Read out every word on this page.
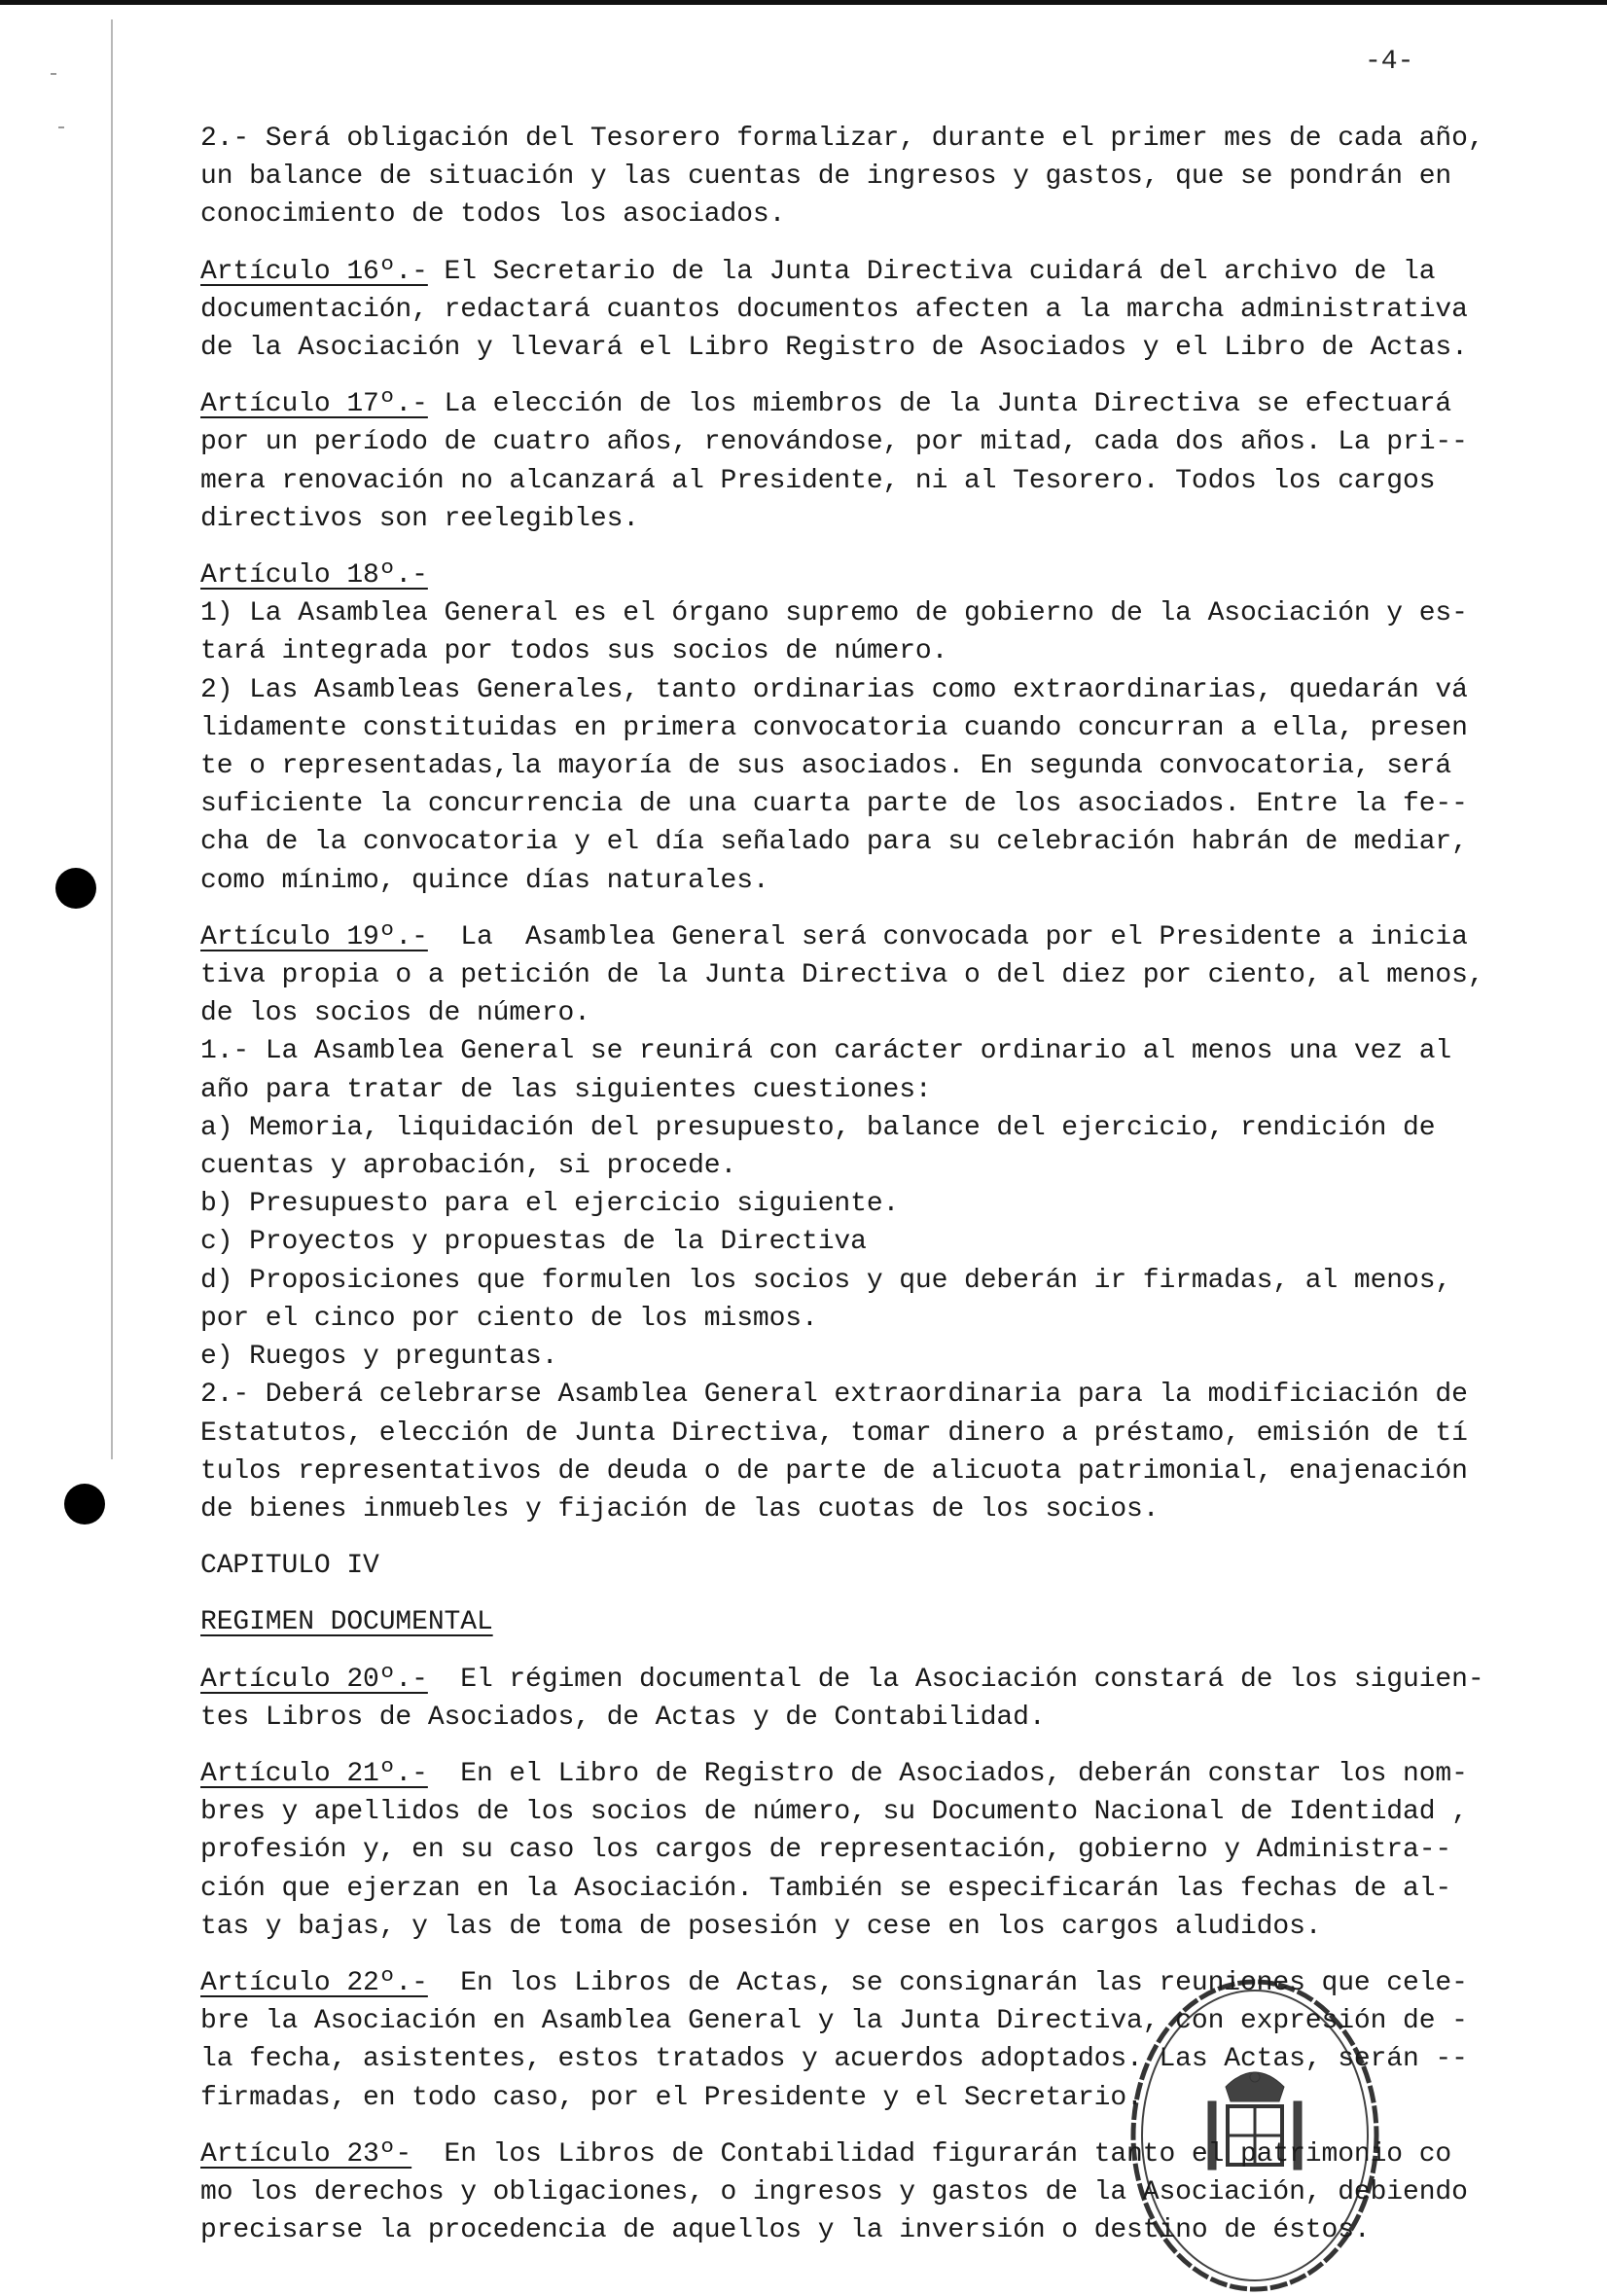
-4-
2.- Será obligación del Tesorero formalizar, durante el primer mes de cada año,
un balance de situación y las cuentas de ingresos y gastos, que se pondrán en
conocimiento de todos los asociados.
Artículo 16º.- El Secretario de la Junta Directiva cuidará del archivo de la
documentación, redactará cuantos documentos afecten a la marcha administrativa
de la Asociación y llevará el Libro Registro de Asociados y el Libro de Actas.
Artículo 17º.- La elección de los miembros de la Junta Directiva se efectuará
por un período de cuatro años, renovándose, por mitad, cada dos años. La pri--
mera renovación no alcanzará al Presidente, ni al Tesorero. Todos los cargos
directivos son reelegibles.
Artículo 18º.-
1) La Asamblea General es el órgano supremo de gobierno de la Asociación y es-
tará integrada por todos sus socios de número.
2) Las Asambleas Generales, tanto ordinarias como extraordinarias, quedarán vá
lidamente constituidas en primera convocatoria cuando concurran a ella, presen
te o representadas,la mayoría de sus asociados. En segunda convocatoria, será
suficiente la concurrencia de una cuarta parte de los asociados. Entre la fe--
cha de la convocatoria y el día señalado para su celebración habrán de mediar,
como mínimo, quince días naturales.
Artículo 19º.-  La  Asamblea General será convocada por el Presidente a inicia
tiva propia o a petición de la Junta Directiva o del diez por ciento, al menos,
de los socios de número.
1.- La Asamblea General se reunirá con carácter ordinario al menos una vez al
año para tratar de las siguientes cuestiones:
a) Memoria, liquidación del presupuesto, balance del ejercicio, rendición de
cuentas y aprobación, si procede.
b) Presupuesto para el ejercicio siguiente.
c) Proyectos y propuestas de la Directiva
d) Proposiciones que formulen los socios y que deberán ir firmadas, al menos,
por el cinco por ciento de los mismos.
e) Ruegos y preguntas.
2.- Deberá celebrarse Asamblea General extraordinaria para la modificiación de
Estatutos, elección de Junta Directiva, tomar dinero a préstamo, emisión de tí
tulos representativos de deuda o de parte de alicuota patrimonial, enajenación
de bienes inmuebles y fijación de las cuotas de los socios.
CAPITULO IV
REGIMEN DOCUMENTAL
Artículo 20º.-  El régimen documental de la Asociación constará de los siguien-
tes Libros de Asociados, de Actas y de Contabilidad.
Artículo 21º.-  En el Libro de Registro de Asociados, deberán constar los nom-
bres y apellidos de los socios de número, su Documento Nacional de Identidad ,
profesión y, en su caso los cargos de representación, gobierno y Administra--
ción que ejerzan en la Asociación. También se especificarán las fechas de al-
tas y bajas, y las de toma de posesión y cese en los cargos aludidos.
Artículo 22º.-  En los Libros de Actas, se consignarán las reuniones que cele-
bre la Asociación en Asamblea General y la Junta Directiva, con expresión de -
la fecha, asistentes, estos tratados y acuerdos adoptados. Las Actas, serán --
firmadas, en todo caso, por el Presidente y el Secretario.
Artículo 23º-  En los Libros de Contabilidad figurarán tanto el patrimonio co
mo los derechos y obligaciones, o ingresos y gastos de la Asociación, debiendo
precisarse la procedencia de aquellos y la inversión o destino de éstos.
